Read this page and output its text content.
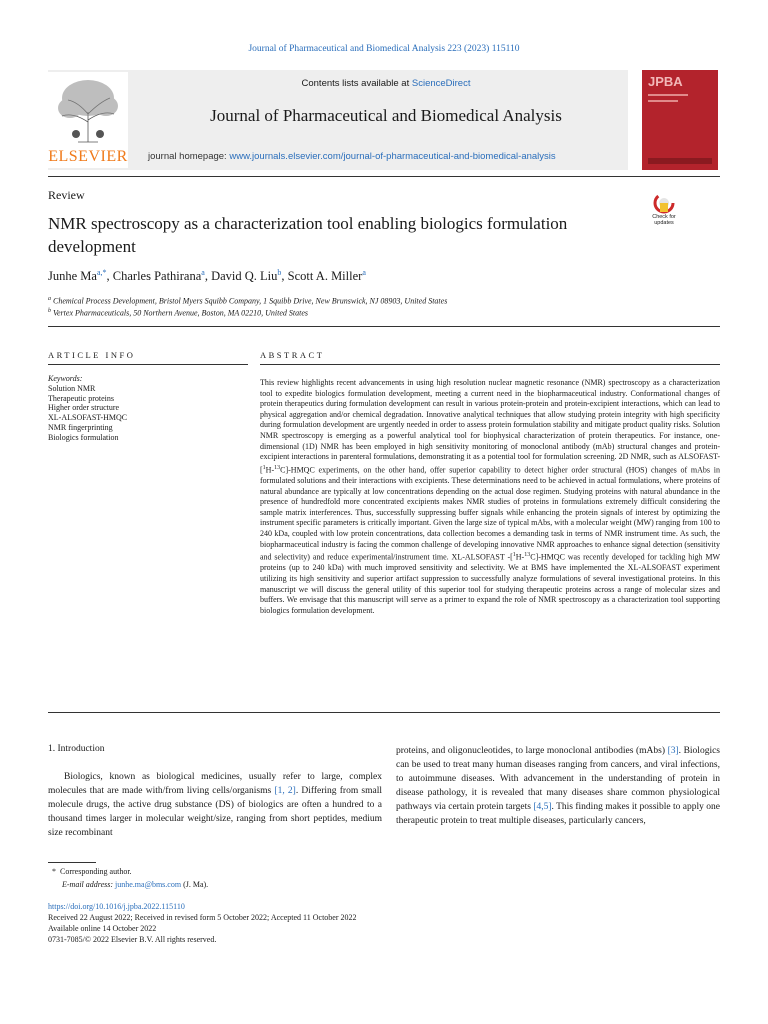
Journal of Pharmaceutical and Biomedical Analysis 223 (2023) 115110
ELSEVIER
Contents lists available at ScienceDirect
Journal of Pharmaceutical and Biomedical Analysis
journal homepage: www.journals.elsevier.com/journal-of-pharmaceutical-and-biomedical-analysis
JPBA
Review
NMR spectroscopy as a characterization tool enabling biologics formulation development
Check for updates
Junhe $Ma^{a,*}$, Charles Pathirana$^a$, David Q. Liu$^b$, Scott A. Miller$^a$
$^a$ Chemical Process Development, Bristol Myers Squibb Company, 1 Squibb Drive, New Brunswick, NJ 08903, United States
$^b$ Vertex Pharmaceuticals, 50 Northern Avenue, Boston, MA 02210, United States
ARTICLE INFO	ABSTRACT
Keywords:
Solution NMR
Therapeutic proteins
Higher order structure
XL-ALSOFAST-HMQC
NMR fingerprinting
Biologics formulation
This review highlights recent advancements in using high resolution nuclear magnetic resonance (NMR) spectroscopy as a characterization tool to expedite biologics formulation development, meeting a current need in the biopharmaceutical industry. Conformational changes of protein therapeutics during formulation development can result in various protein-protein and protein-excipient interactions, which can lead to physical aggregation and/or chemical degradation. Innovative analytical techniques that allow studying protein integrity with high specificity during formulation development are urgently needed in order to assess protein formulation stability and mitigate product quality risks. Solution NMR spectroscopy is emerging as a powerful analytical tool for biophysical characterization of protein therapeutics. For instance, one-dimensional (1D) NMR has been employed in high sensitivity monitoring of monoclonal antibody (mAb) structural changes and protein-excipient interactions in parenteral formulations, demonstrating it as a potential tool for formulation screening. 2D NMR, such as ALSOFAST-[$^1$H-$^{13}$C]-HMQC experiments, on the other hand, offer superior capability to detect higher order structural (HOS) changes of mAbs in formulated solutions and their interactions with excipients. These determinations need to be achieved in actual formulations, where proteins of natural abundance are typically at low concentrations depending on the actual dose regimen. Studying proteins with natural abundance in the presence of hundredfold more concentrated excipients makes NMR studies of proteins in formulations extremely difficult considering the sample matrix interferences. Thus, successfully suppressing buffer signals while enhancing the protein signals of interest by optimizing the instrument specific parameters is critically important. Given the large size of typical mAbs, with a molecular weight (MW) ranging from 100 to 240 kDa, coupled with low protein concentrations, data collection becomes a demanding task in terms of NMR instrument time. As such, the biopharmaceutical industry is facing the common challenge of developing innovative NMR approaches to enhance signal detection (sensitivity and selectivity) and reduce experimental/instrument time. XL-ALSOFAST -[$^1$H-$^{13}$C]-HMQC was recently developed for tackling high MW proteins (up to 240 kDa) with much improved sensitivity and selectivity. We at BMS have implemented the XL-ALSOFAST experiment utilizing its high sensitivity and superior artifact suppression to successfully analyze formulations of several investigational proteins. In this manuscript we will discuss the general utility of this superior tool for studying therapeutic proteins across a range of molecular sizes and buffers. We envisage that this manuscript will serve as a primer to expand the role of NMR spectroscopy as a characterization tool supporting biologics formulation development.
1. Introduction
Biologics, known as biological medicines, usually refer to large, complex molecules that are made with/from living cells/organisms [1, 2]. Differing from small molecule drugs, the active drug substance (DS) of biologics are often a hundred to a thousand times larger in molecular weight/size, ranging from short peptides, medium size recombinant
proteins, and oligonucleotides, to large monoclonal antibodies (mAbs) [3]. Biologics can be used to treat many human diseases ranging from cancers, and viral infections, to autoimmune diseases. With advancement in the understanding of protein in disease pathology, it is revealed that many diseases share common physiological pathways via certain protein targets [4,5]. This finding makes it possible to apply one therapeutic protein to treat multiple diseases, particularly cancers,
* Corresponding author.
E-mail address: junhe.ma@bms.com (J. Ma).
https://doi.org/10.1016/j.jpba.2022.115110
Received 22 August 2022; Received in revised form 5 October 2022; Accepted 11 October 2022
Available online 14 October 2022
0731-7085/© 2022 Elsevier B.V. All rights reserved.
